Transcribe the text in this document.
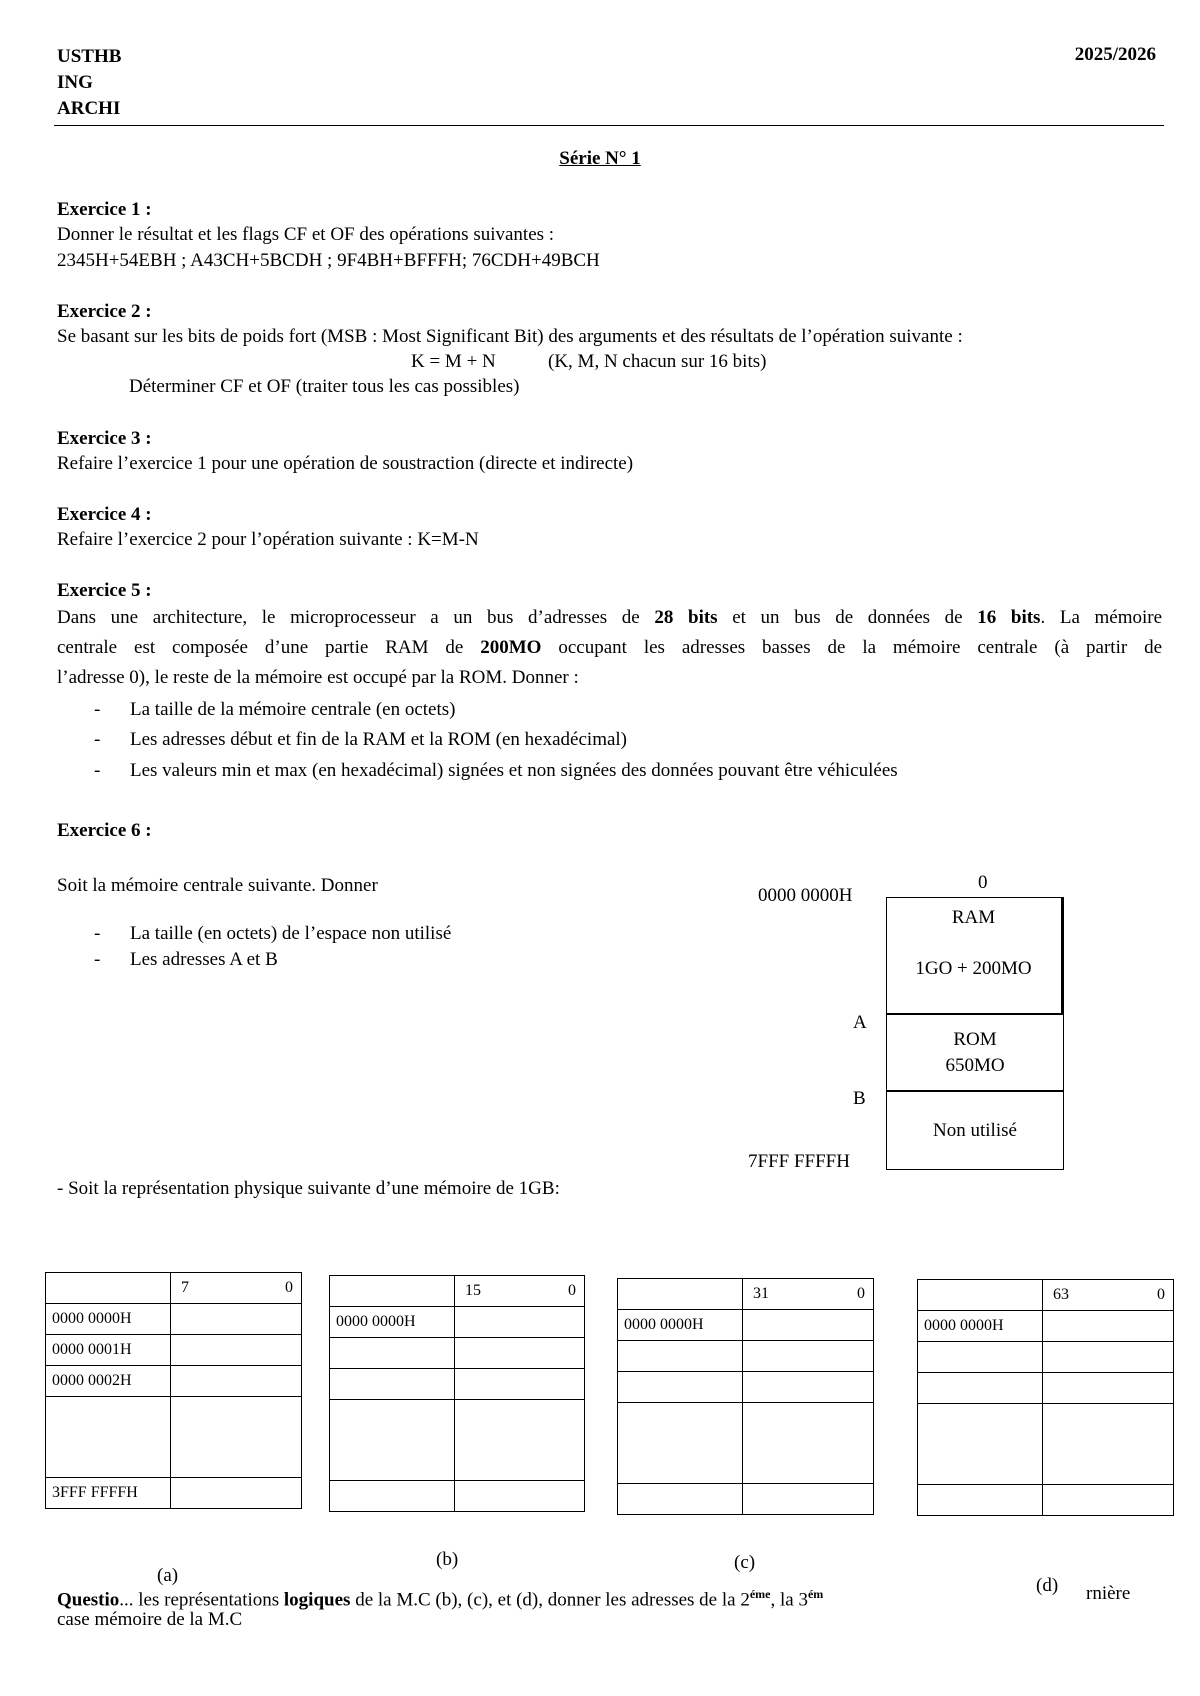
USTHB
ING
ARCHI
2025/2026
Série N° 1
Exercice 1 :
Donner le résultat et les flags CF et OF des opérations suivantes :
2345H+54EBH ; A43CH+5BCDH ; 9F4BH+BFFFH; 76CDH+49BCH
Exercice 2 :
Se basant sur les bits de poids fort (MSB : Most Significant Bit) des arguments et des résultats de l’opération suivante :
K = M + N	(K, M, N chacun sur 16 bits)
Déterminer CF et OF (traiter tous les cas possibles)
Exercice 3 :
Refaire l’exercice 1 pour une opération de soustraction (directe et indirecte)
Exercice 4 :
Refaire l’exercice 2 pour l’opération suivante : K=M-N
Exercice 5 :
Dans une architecture, le microprocesseur a un bus d’adresses de 28 bits et un bus de données de 16 bits. La mémoire
centrale est composée d’une partie RAM de 200MO occupant les adresses basses de la mémoire centrale (à partir de
l’adresse 0), le reste de la mémoire est occupé par la ROM. Donner :
- La taille de la mémoire centrale (en octets)
- Les adresses début et fin de la RAM et la ROM (en hexadécimal)
- Les valeurs min et max (en hexadécimal) signées et non signées des données pouvant être véhiculées
Exercice 6 :
Soit la mémoire centrale suivante. Donner
- La taille (en octets) de l’espace non utilisé
- Les adresses A et B
0
0000 0000H
RAM
1GO + 200MO
A
ROM
650MO
B
Non utilisé
7FFF FFFFH
- Soit la représentation physique suivante d’une mémoire de 1GB:

	7 0

0000 0000H	
0000 0001H	
0000 0002H	

3FFF FFFFH	
(a)

	15 0

0000 0000H	

(b)

	31 0

0000 0000H	

(c)

	63 0

0000 0000H	

Questio... les représentations logiques de la M.C (b), (c), et (d), donner les adresses de la $2^{éme}$, la $3^{ém}$	(d)	rnière
case mémoire de la M.C
